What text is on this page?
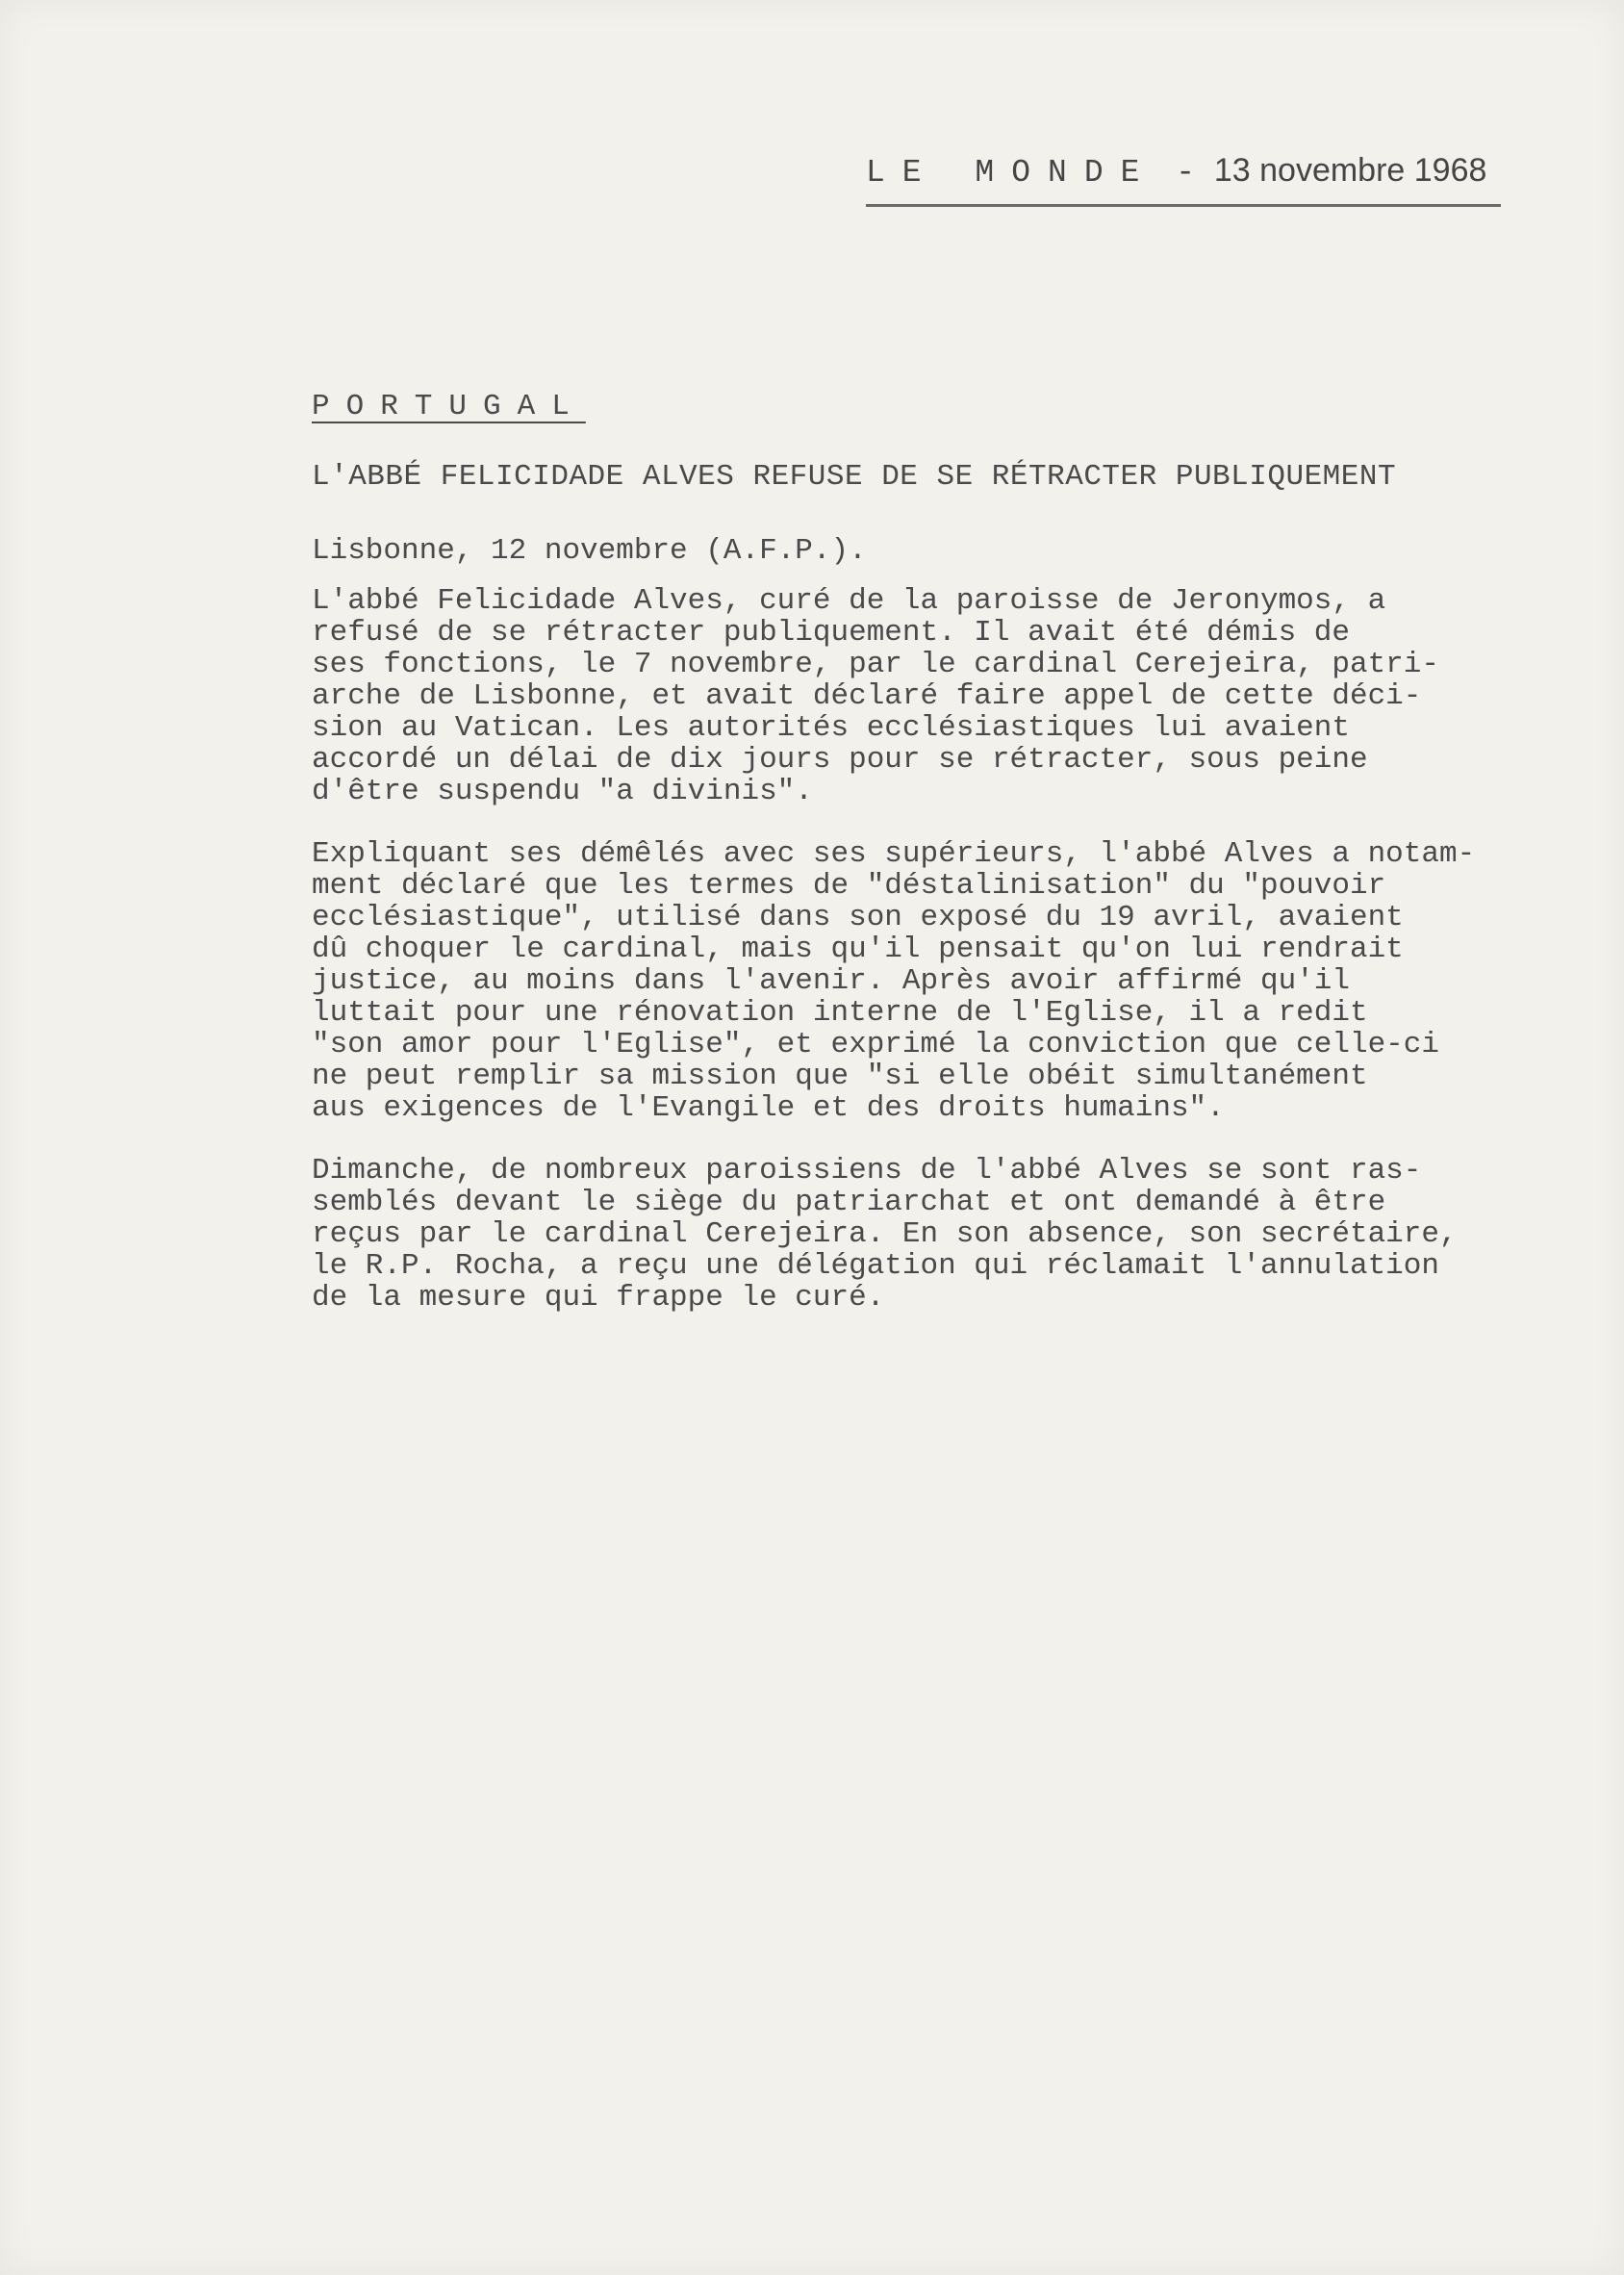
LE MONDE - 13 novembre 1968
PORTUGAL
L'ABBÉ FELICIDADE ALVES REFUSE DE SE RÉTRACTER PUBLIQUEMENT
Lisbonne, 12 novembre (A.F.P.).
L'abbé Felicidade Alves, curé de la paroisse de Jeronymos, a
refusé de se rétracter publiquement. Il avait été démis de
ses fonctions, le 7 novembre, par le cardinal Cerejeira, patri-
arche de Lisbonne, et avait déclaré faire appel de cette déci-
sion au Vatican. Les autorités ecclésiastiques lui avaient
accordé un délai de dix jours pour se rétracter, sous peine
d'être suspendu "a divinis".
Expliquant ses démêlés avec ses supérieurs, l'abbé Alves a notam-
ment déclaré que les termes de "déstalinisation" du "pouvoir
ecclésiastique", utilisé dans son exposé du 19 avril, avaient
dû choquer le cardinal, mais qu'il pensait qu'on lui rendrait
justice, au moins dans l'avenir. Après avoir affirmé qu'il
luttait pour une rénovation interne de l'Eglise, il a redit
"son amor pour l'Eglise", et exprimé la conviction que celle-ci
ne peut remplir sa mission que "si elle obéit simultanément
aus exigences de l'Evangile et des droits humains".
Dimanche, de nombreux paroissiens de l'abbé Alves se sont ras-
semblés devant le siège du patriarchat et ont demandé à être
reçus par le cardinal Cerejeira. En son absence, son secrétaire,
le R.P. Rocha, a reçu une délégation qui réclamait l'annulation
de la mesure qui frappe le curé.
